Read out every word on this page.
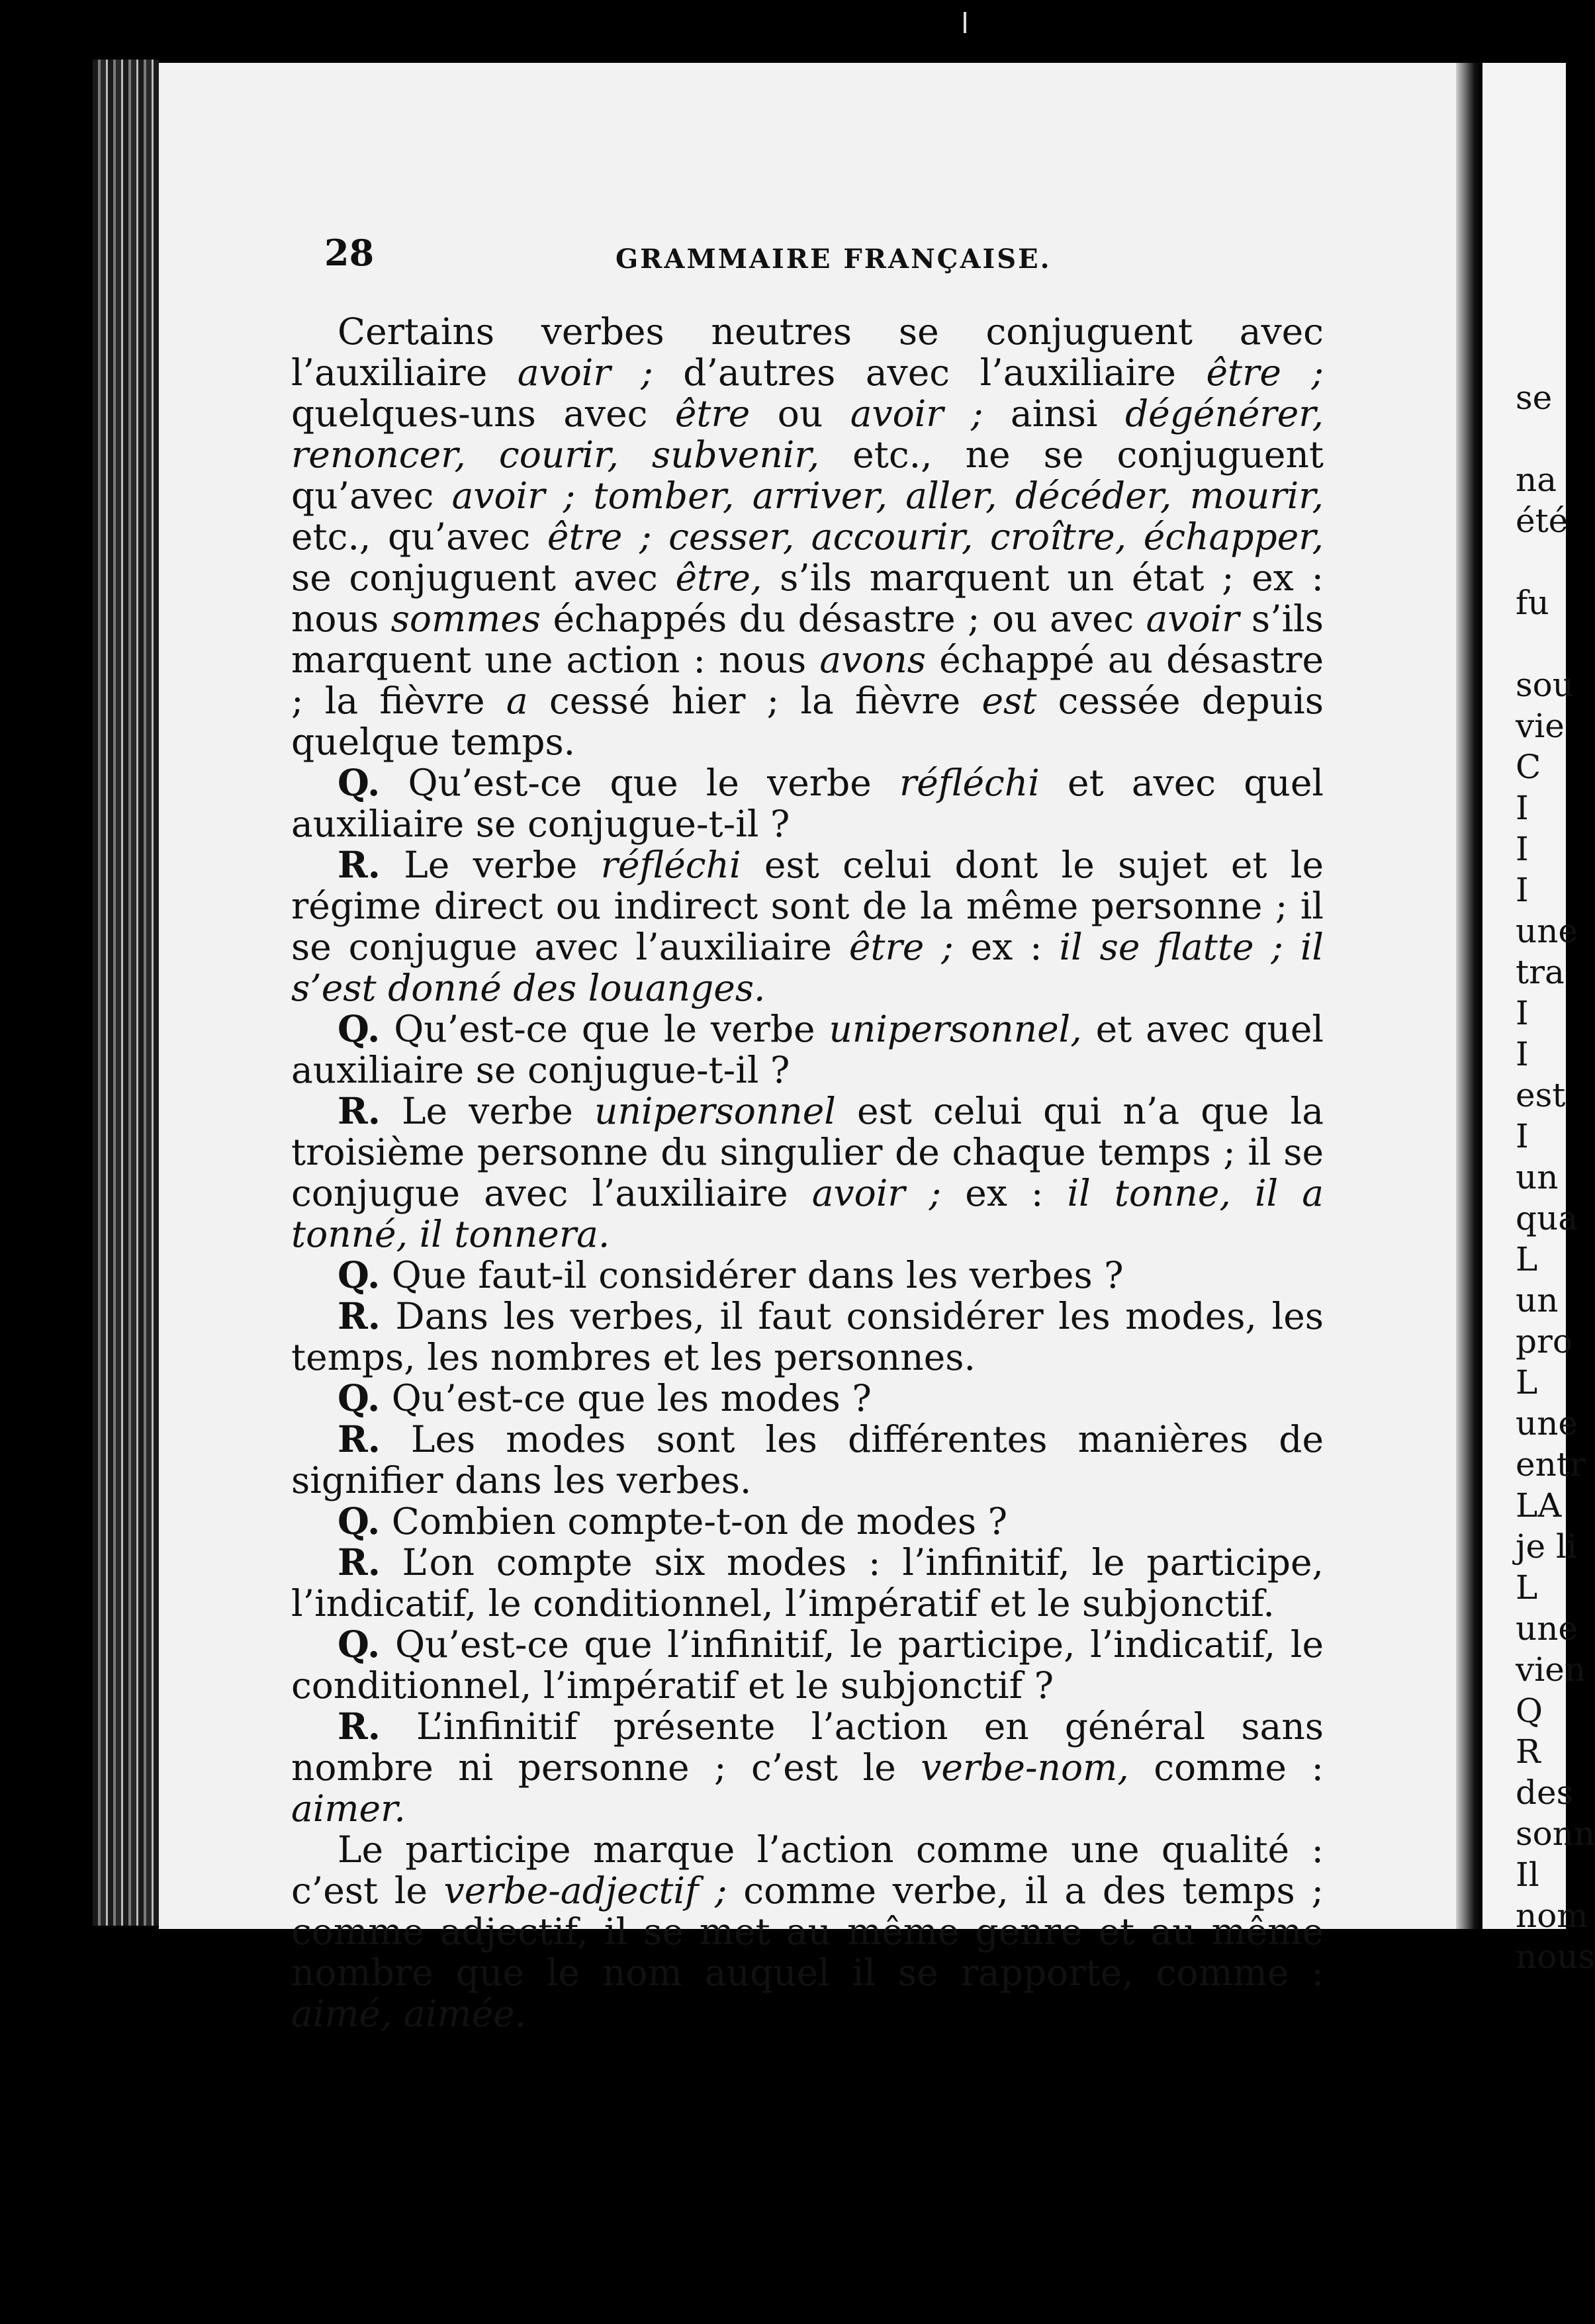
28	GRAMMAIRE FRANÇAISE.

Certains verbes neutres se conjuguent avec l’auxiliaire avoir ; d’autres avec l’auxiliaire être ; quelques-uns avec être ou avoir ; ainsi dégénérer, renoncer, courir, subvenir, etc., ne se conjuguent qu’avec avoir ; tomber, arriver, aller, décéder, mourir, etc., qu’avec être ; cesser, accourir, croître, échapper, se conjuguent avec être, s’ils marquent un état ; ex : nous sommes échappés du désastre ; ou avec avoir s’ils marquent une action : nous avons échappé au désastre ; la fièvre a cessé hier ; la fièvre est cessée depuis quelque temps.

Q. Qu’est-ce que le verbe réfléchi et avec quel auxiliaire se conjugue-t-il ?

R. Le verbe réfléchi est celui dont le sujet et le régime direct ou indirect sont de la même personne ; il se conjugue avec l’auxiliaire être ; ex : il se flatte ; il s’est donné des louanges.

Q. Qu’est-ce que le verbe unipersonnel, et avec quel auxiliaire se conjugue-t-il ?

R. Le verbe unipersonnel est celui qui n’a que la troisième personne du singulier de chaque temps ; il se conjugue avec l’auxiliaire avoir ; ex : il tonne, il a tonné, il tonnera.

Q. Que faut-il considérer dans les verbes ?

R. Dans les verbes, il faut considérer les modes, les temps, les nombres et les personnes.

Q. Qu’est-ce que les modes ?

R. Les modes sont les différentes manières de signifier dans les verbes.

Q. Combien compte-t-on de modes ?

R. L’on compte six modes : l’infinitif, le participe, l’indicatif, le conditionnel, l’impératif et le subjonctif.

Q. Qu’est-ce que l’infinitif, le participe, l’indicatif, le conditionnel, l’impératif et le subjonctif ?

R. L’infinitif présente l’action en général sans nombre ni personne ; c’est le verbe-nom, comme : aimer.

Le participe marque l’action comme une qualité : c’est le verbe-adjectif ; comme verbe, il a des temps ; comme adjectif, il se met au même genre et au même nombre que le nom auquel il se rapporte, comme : aimé, aimée.

se
na
été
fu
sou
vie
C
I
I
I
une
tra
I
I
est
I
un
qua
L
un
pro
L
une
entr
LA
je li
L
une
vien
Q
R
des
sonn
Il
nom
nous
